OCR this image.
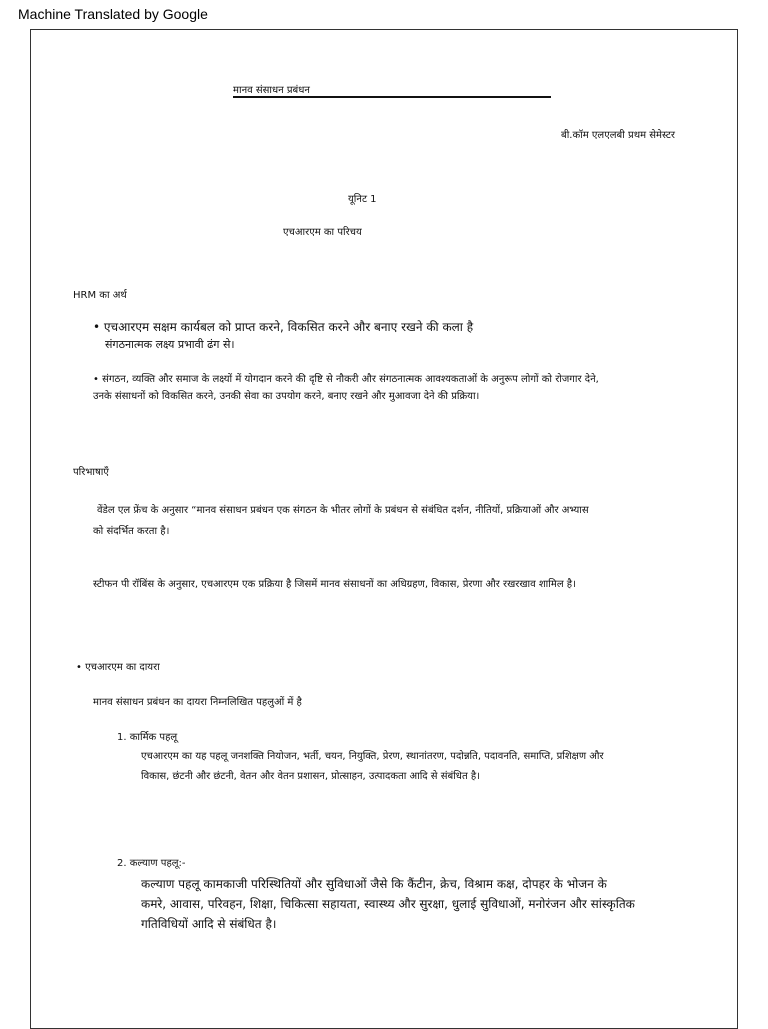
Machine Translated by Google
मानव संसाधन प्रबंधन
बी.कॉम एलएलबी प्रथम सेमेस्टर
यूनिट 1
एचआरएम का परिचय
HRM का अर्थ
• एचआरएम सक्षम कार्यबल को प्राप्त करने, विकसित करने और बनाए रखने की कला है
संगठनात्मक लक्ष्य प्रभावी ढंग से।
• संगठन, व्यक्ति और समाज के लक्ष्यों में योगदान करने की दृष्टि से नौकरी और संगठनात्मक आवश्यकताओं के अनुरूप लोगों को रोजगार देने,
उनके संसाधनों को विकसित करने, उनकी सेवा का उपयोग करने, बनाए रखने और मुआवजा देने की प्रक्रिया।
परिभाषाएँ
वेंडेल एल फ्रेंच के अनुसार “मानव संसाधन प्रबंधन एक संगठन के भीतर लोगों के प्रबंधन से संबंधित दर्शन, नीतियों, प्रक्रियाओं और अभ्यास
को संदर्भित करता है।
स्टीफन पी रॉबिंस के अनुसार, एचआरएम एक प्रक्रिया है जिसमें मानव संसाधनों का अधिग्रहण, विकास, प्रेरणा और रखरखाव शामिल है।
• एचआरएम का दायरा
मानव संसाधन प्रबंधन का दायरा निम्नलिखित पहलुओं में है
1. कार्मिक पहलू
एचआरएम का यह पहलू जनशक्ति नियोजन, भर्ती, चयन, नियुक्ति, प्रेरण, स्थानांतरण, पदोन्नति, पदावनति, समाप्ति, प्रशिक्षण और
विकास, छंटनी और छंटनी, वेतन और वेतन प्रशासन, प्रोत्साहन, उत्पादकता आदि से संबंधित है।
2. कल्याण पहलू:-
कल्याण पहलू कामकाजी परिस्थितियों और सुविधाओं जैसे कि कैंटीन, क्रेच, विश्राम कक्ष, दोपहर के भोजन के
कमरे, आवास, परिवहन, शिक्षा, चिकित्सा सहायता, स्वास्थ्य और सुरक्षा, धुलाई सुविधाओं, मनोरंजन और सांस्कृतिक
गतिविधियों आदि से संबंधित है।
